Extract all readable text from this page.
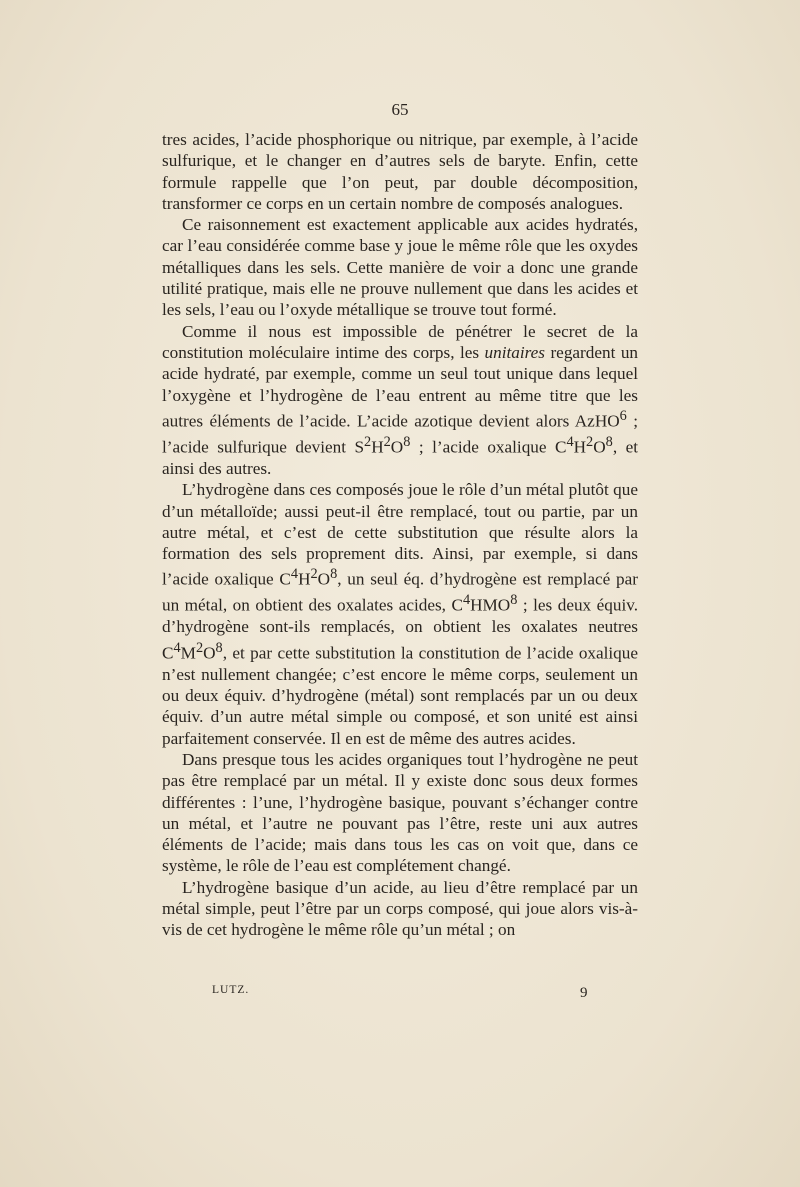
65

tres acides, l’acide phosphorique ou nitrique, par exemple, à l’acide sulfurique, et le changer en d’autres sels de baryte. Enfin, cette formule rappelle que l’on peut, par double décomposition, transformer ce corps en un certain nombre de composés analogues.

Ce raisonnement est exactement applicable aux acides hydratés, car l’eau considérée comme base y joue le même rôle que les oxydes métalliques dans les sels. Cette manière de voir a donc une grande utilité pratique, mais elle ne prouve nullement que dans les acides et les sels, l’eau ou l’oxyde métallique se trouve tout formé.

Comme il nous est impossible de pénétrer le secret de la constitution moléculaire intime des corps, les unitaires regardent un acide hydraté, par exemple, comme un seul tout unique dans lequel l’oxygène et l’hydrogène de l’eau entrent au même titre que les autres éléments de l’acide. L’acide azotique devient alors AzHO$^6$ ; l’acide sulfurique devient $S^2H^2O^8$ ; l’acide oxalique $C^4H^2O^8$, et ainsi des autres.

L’hydrogène dans ces composés joue le rôle d’un métal plutôt que d’un métalloïde; aussi peut-il être remplacé, tout ou partie, par un autre métal, et c’est de cette substitution que résulte alors la formation des sels proprement dits. Ainsi, par exemple, si dans l’acide oxalique $C^4H^2O^8$, un seul éq. d’hydrogène est remplacé par un métal, on obtient des oxalates acides, $C^4HMO^8$ ; les deux équiv. d’hydrogène sont-ils remplacés, on obtient les oxalates neutres $C^4M^2O^8$, et par cette substitution la constitution de l’acide oxalique n’est nullement changée; c’est encore le même corps, seulement un ou deux équiv. d’hydrogène (métal) sont remplacés par un ou deux équiv. d’un autre métal simple ou composé, et son unité est ainsi parfaitement conservée. Il en est de même des autres acides.

Dans presque tous les acides organiques tout l’hydrogène ne peut pas être remplacé par un métal. Il y existe donc sous deux formes différentes : l’une, l’hydrogène basique, pouvant s’échanger contre un métal, et l’autre ne pouvant pas l’être, reste uni aux autres éléments de l’acide; mais dans tous les cas on voit que, dans ce système, le rôle de l’eau est complétement changé.

L’hydrogène basique d’un acide, au lieu d’être remplacé par un métal simple, peut l’être par un corps composé, qui joue alors vis-à-vis de cet hydrogène le même rôle qu’un métal ; on

LUTZ.	9
